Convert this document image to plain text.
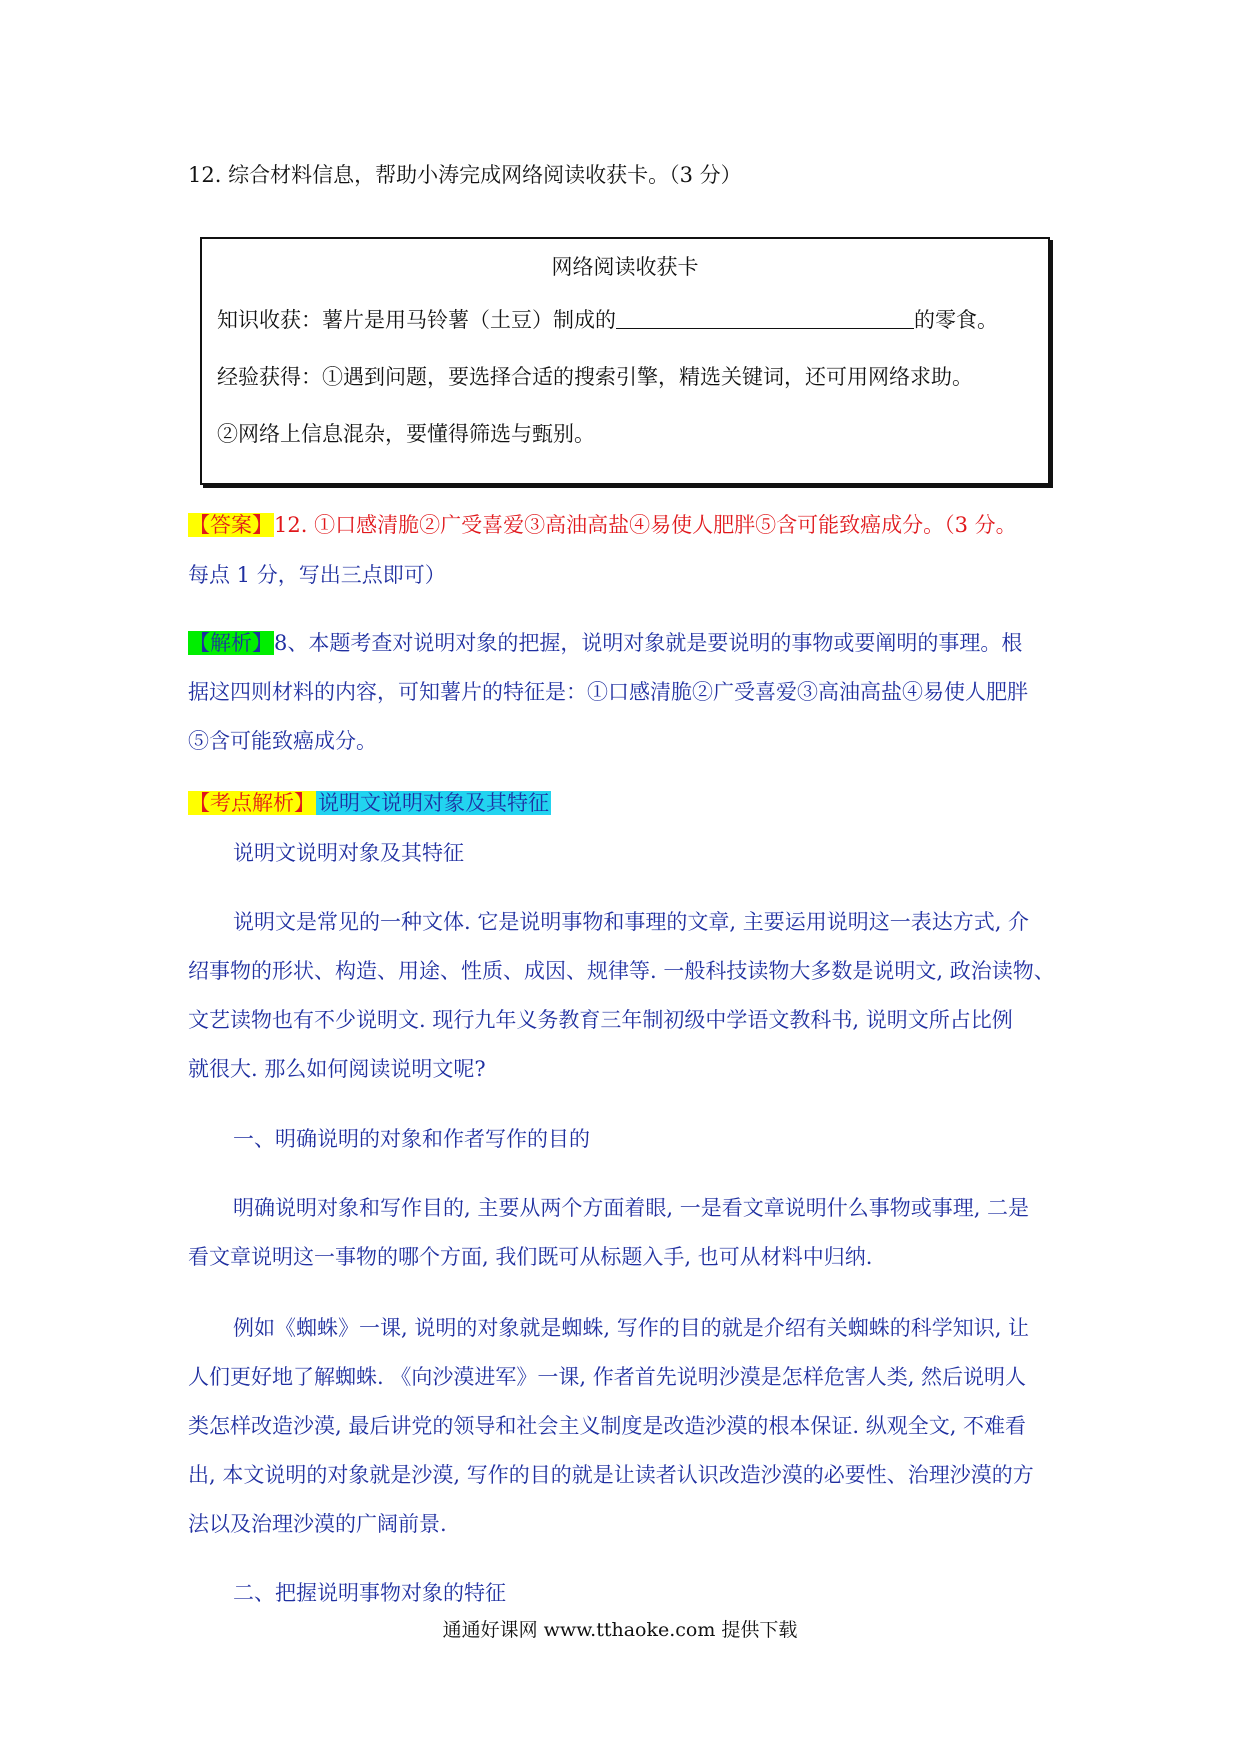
12. 综合材料信息，帮助小涛完成网络阅读收获卡。（3 分）
网络阅读收获卡
知识收获：薯片是用马铃薯（土豆）制成的	的零食。
经验获得：①遇到问题，要选择合适的搜索引擎，精选关键词，还可用网络求助。
②网络上信息混杂，要懂得筛选与甄别。
【答案】12. ①口感清脆②广受喜爱③高油高盐④易使人肥胖⑤含可能致癌成分。（3 分。
每点 1 分，写出三点即可）
【解析】8、本题考查对说明对象的把握，说明对象就是要说明的事物或要阐明的事理。根
据这四则材料的内容，可知薯片的特征是：①口感清脆②广受喜爱③高油高盐④易使人肥胖
⑤含可能致癌成分。
【考点解析】 说明文说明对象及其特征
说明文说明对象及其特征
说明文是常见的一种文体. 它是说明事物和事理的文章, 主要运用说明这一表达方式, 介
绍事物的形状、构造、用途、性质、成因、规律等. 一般科技读物大多数是说明文, 政治读物、
文艺读物也有不少说明文. 现行九年义务教育三年制初级中学语文教科书, 说明文所占比例
就很大. 那么如何阅读说明文呢?
一、明确说明的对象和作者写作的目的
明确说明对象和写作目的, 主要从两个方面着眼, 一是看文章说明什么事物或事理, 二是
看文章说明这一事物的哪个方面, 我们既可从标题入手, 也可从材料中归纳.
例如《蜘蛛》一课, 说明的对象就是蜘蛛, 写作的目的就是介绍有关蜘蛛的科学知识, 让
人们更好地了解蜘蛛. 《向沙漠进军》一课, 作者首先说明沙漠是怎样危害人类, 然后说明人
类怎样改造沙漠, 最后讲党的领导和社会主义制度是改造沙漠的根本保证. 纵观全文, 不难看
出, 本文说明的对象就是沙漠, 写作的目的就是让读者认识改造沙漠的必要性、治理沙漠的方
法以及治理沙漠的广阔前景.
二、把握说明事物对象的特征
通通好课网 www.tthaoke.com 提供下载
